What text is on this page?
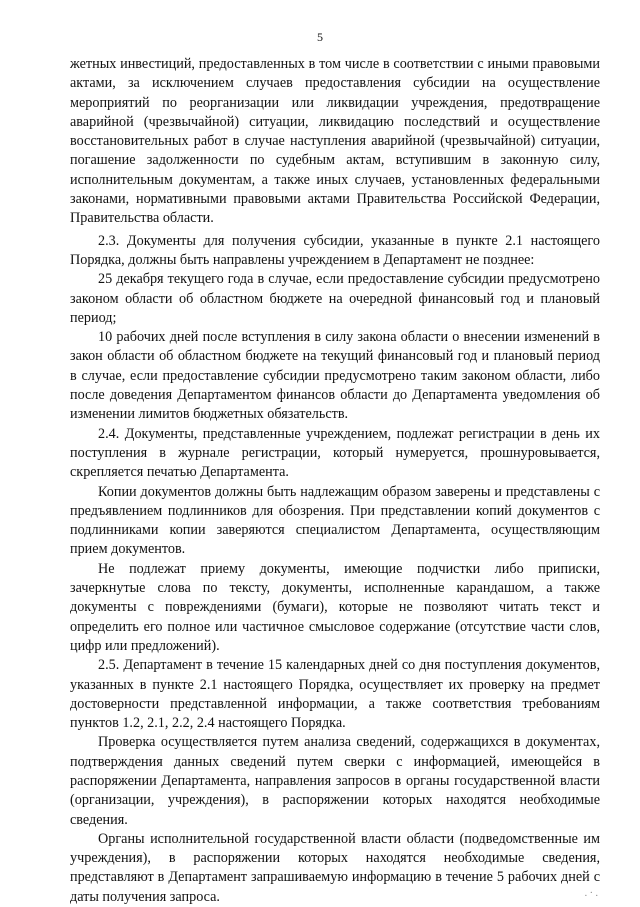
5

жетных инвестиций, предоставленных в том числе в соответствии с иными правовыми актами, за исключением случаев предоставления субсидии на осуществление мероприятий по реорганизации или ликвидации учреждения, предотвращение аварийной (чрезвычайной) ситуации, ликвидацию последствий и осуществление восстановительных работ в случае наступления аварийной (чрезвычайной) ситуации, погашение задолженности по судебным актам, вступившим в законную силу, исполнительным документам, а также иных случаев, установленных федеральными законами, нормативными правовыми актами Правительства Российской Федерации, Правительства области.

2.3. Документы для получения субсидии, указанные в пункте 2.1 настоящего Порядка, должны быть направлены учреждением в Департамент не позднее:

25 декабря текущего года в случае, если предоставление субсидии предусмотрено законом области об областном бюджете на очередной финансовый год и плановый период;

10 рабочих дней после вступления в силу закона области о внесении изменений в закон области об областном бюджете на текущий финансовый год и плановый период в случае, если предоставление субсидии предусмотрено таким законом области, либо после доведения Департаментом финансов области до Департамента уведомления об изменении лимитов бюджетных обязательств.

2.4. Документы, представленные учреждением, подлежат регистрации в день их поступления в журнале регистрации, который нумеруется, прошнуровывается, скрепляется печатью Департамента.

Копии документов должны быть надлежащим образом заверены и представлены с предъявлением подлинников для обозрения. При представлении копий документов с подлинниками копии заверяются специалистом Департамента, осуществляющим прием документов.

Не подлежат приему документы, имеющие подчистки либо приписки, зачеркнутые слова по тексту, документы, исполненные карандашом, а также документы с повреждениями (бумаги), которые не позволяют читать текст и определить его полное или частичное смысловое содержание (отсутствие части слов, цифр или предложений).

2.5. Департамент в течение 15 календарных дней со дня поступления документов, указанных в пункте 2.1 настоящего Порядка, осуществляет их проверку на предмет достоверности представленной информации, а также соответствия требованиям пунктов 1.2, 2.1, 2.2, 2.4 настоящего Порядка.

Проверка осуществляется путем анализа сведений, содержащихся в документах, подтверждения данных сведений путем сверки с информацией, имеющейся в распоряжении Департамента, направления запросов в органы государственной власти (организации, учреждения), в распоряжении которых находятся необходимые сведения.

Органы исполнительной государственной власти области (подведомственные им учреждения), в распоряжении которых находятся необходимые сведения, представляют в Департамент запрашиваемую информацию в течение 5 рабочих дней с даты получения запроса.	. · .
